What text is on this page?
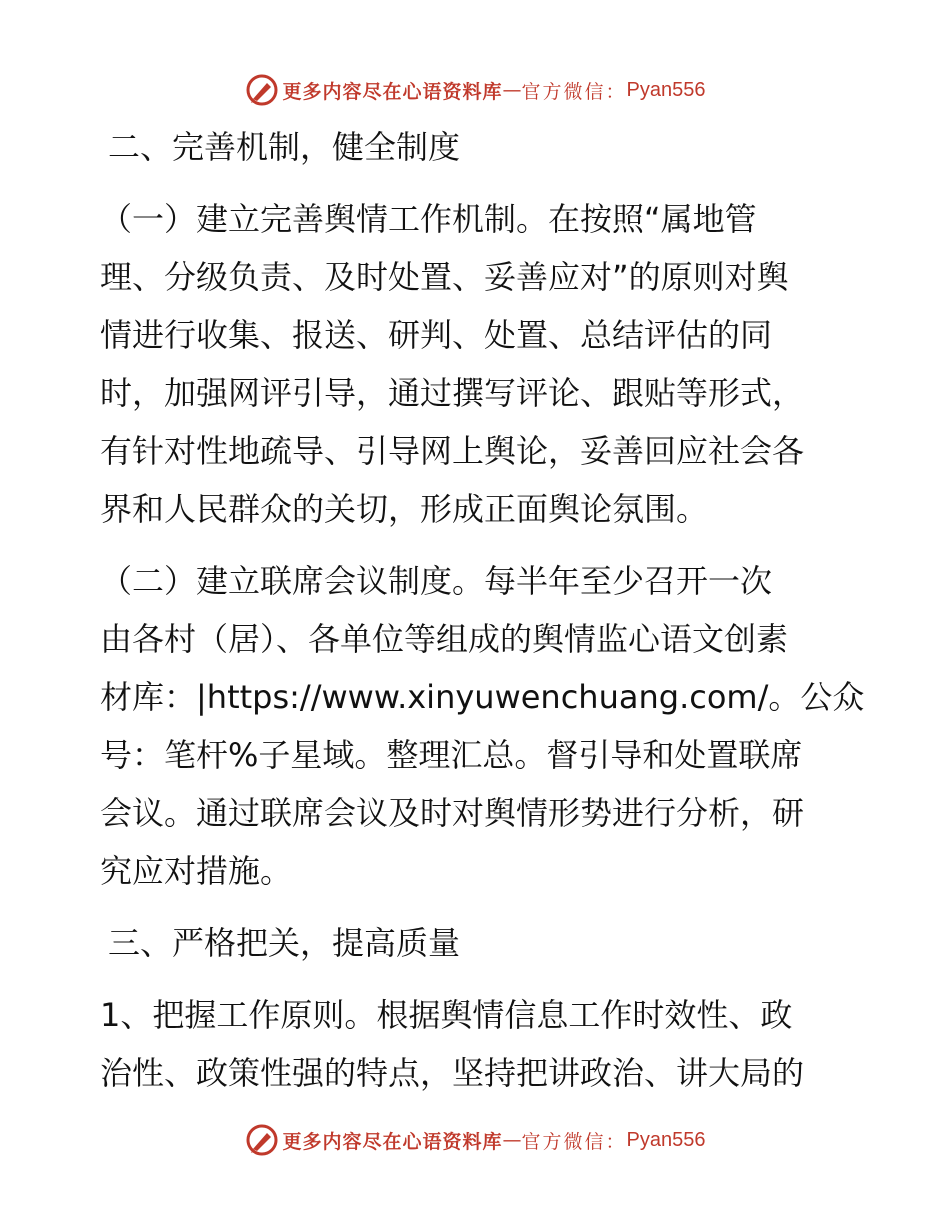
更多内容尽在心语资料库 — 官方微信： Pyan556
二、完善机制，健全制度
（一）建立完善舆情工作机制。在按照“属地管
理、分级负责、及时处置、妥善应对”的原则对舆
情进行收集、报送、研判、处置、总结评估的同
时，加强网评引导，通过撰写评论、跟贴等形式，
有针对性地疏导、引导网上舆论，妥善回应社会各
界和人民群众的关切，形成正面舆论氛围。
（二）建立联席会议制度。每半年至少召开一次
由各村（居）、各单位等组成的舆情监心语文创素
材库：|https://www.xinyuwenchuang.com/。公众
号：笔杆%子星域。整理汇总。督引导和处置联席
会议。通过联席会议及时对舆情形势进行分析，研
究应对措施。
三、严格把关，提高质量
1、把握工作原则。根据舆情信息工作时效性、政
治性、政策性强的特点，坚持把讲政治、讲大局的
更多内容尽在心语资料库 — 官方微信： Pyan556
